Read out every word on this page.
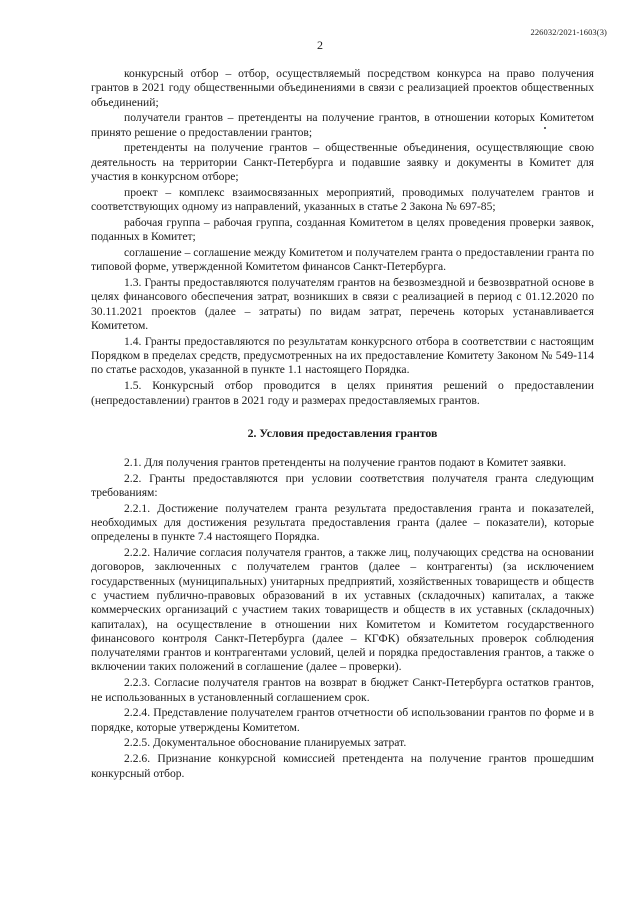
226032/2021-1603(3)
2

конкурсный отбор – отбор, осуществляемый посредством конкурса на право получения грантов в 2021 году общественными объединениями в связи с реализацией проектов общественных объединений;

получатели грантов – претенденты на получение грантов, в отношении которых Комитетом принято решение о предоставлении грантов;

претенденты на получение грантов – общественные объединения, осуществляющие свою деятельность на территории Санкт-Петербурга и подавшие заявку и документы в Комитет для участия в конкурсном отборе;

проект – комплекс взаимосвязанных мероприятий, проводимых получателем грантов и соответствующих одному из направлений, указанных в статье 2 Закона № 697-85;

рабочая группа – рабочая группа, созданная Комитетом в целях проведения проверки заявок, поданных в Комитет;

соглашение – соглашение между Комитетом и получателем гранта о предоставлении гранта по типовой форме, утвержденной Комитетом финансов Санкт-Петербурга.

1.3. Гранты предоставляются получателям грантов на безвозмездной и безвозвратной основе в целях финансового обеспечения затрат, возникших в связи с реализацией в период с 01.12.2020 по 30.11.2021 проектов (далее – затраты) по видам затрат, перечень которых устанавливается Комитетом.

1.4. Гранты предоставляются по результатам конкурсного отбора в соответствии с настоящим Порядком в пределах средств, предусмотренных на их предоставление Комитету Законом № 549-114 по статье расходов, указанной в пункте 1.1 настоящего Порядка.

1.5. Конкурсный отбор проводится в целях принятия решений о предоставлении (непредоставлении) грантов в 2021 году и размерах предоставляемых грантов.

2. Условия предоставления грантов

2.1. Для получения грантов претенденты на получение грантов подают в Комитет заявки.

2.2. Гранты предоставляются при условии соответствия получателя гранта следующим требованиям:

2.2.1. Достижение получателем гранта результата предоставления гранта и показателей, необходимых для достижения результата предоставления гранта (далее – показатели), которые определены в пункте 7.4 настоящего Порядка.

2.2.2. Наличие согласия получателя грантов, а также лиц, получающих средства на основании договоров, заключенных с получателем грантов (далее – контрагенты) (за исключением государственных (муниципальных) унитарных предприятий, хозяйственных товариществ и обществ с участием публично-правовых образований в их уставных (складочных) капиталах, а также коммерческих организаций с участием таких товариществ и обществ в их уставных (складочных) капиталах), на осуществление в отношении них Комитетом и Комитетом государственного финансового контроля Санкт-Петербурга (далее – КГФК) обязательных проверок соблюдения получателями грантов и контрагентами условий, целей и порядка предоставления грантов, а также о включении таких положений в соглашение (далее – проверки).

2.2.3. Согласие получателя грантов на возврат в бюджет Санкт-Петербурга остатков грантов, не использованных в установленный соглашением срок.

2.2.4. Представление получателем грантов отчетности об использовании грантов по форме и в порядке, которые утверждены Комитетом.

2.2.5. Документальное обоснование планируемых затрат.

2.2.6. Признание конкурсной комиссией претендента на получение грантов прошедшим конкурсный отбор.
